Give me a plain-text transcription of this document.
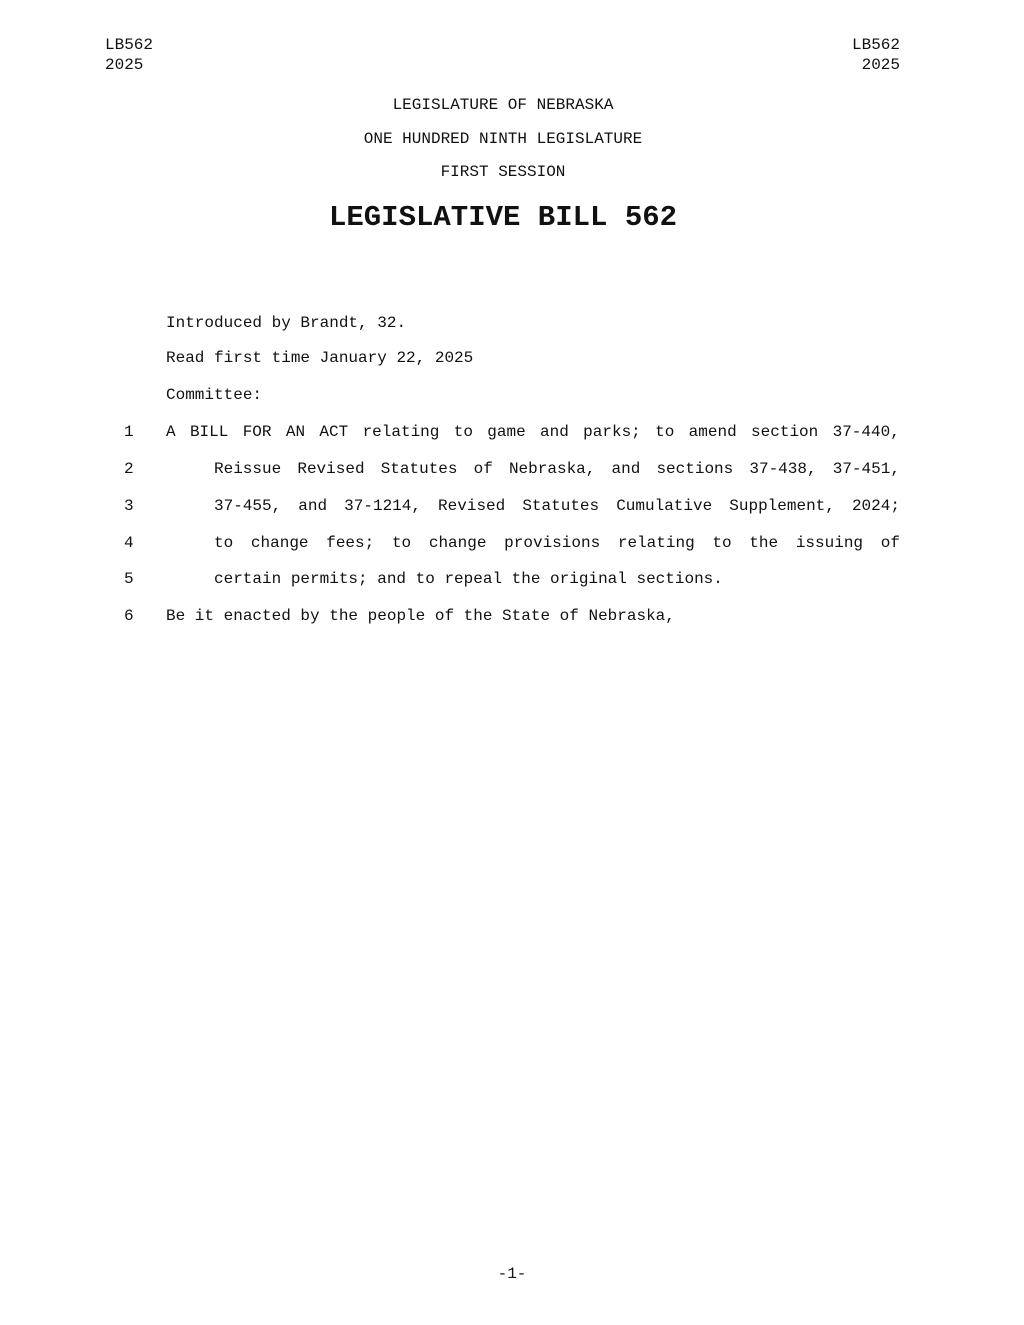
LB562
2025
LB562
2025
LEGISLATURE OF NEBRASKA
ONE HUNDRED NINTH LEGISLATURE
FIRST SESSION
LEGISLATIVE BILL 562
Introduced by Brandt, 32.
Read first time January 22, 2025
Committee:
1 A BILL FOR AN ACT relating to game and parks; to amend section 37-440,
2	Reissue Revised Statutes of Nebraska, and sections 37-438, 37-451,
3	37-455, and 37-1214, Revised Statutes Cumulative Supplement, 2024;
4	to change fees; to change provisions relating to the issuing of
5	certain permits; and to repeal the original sections.
6 Be it enacted by the people of the State of Nebraska,
-1-
